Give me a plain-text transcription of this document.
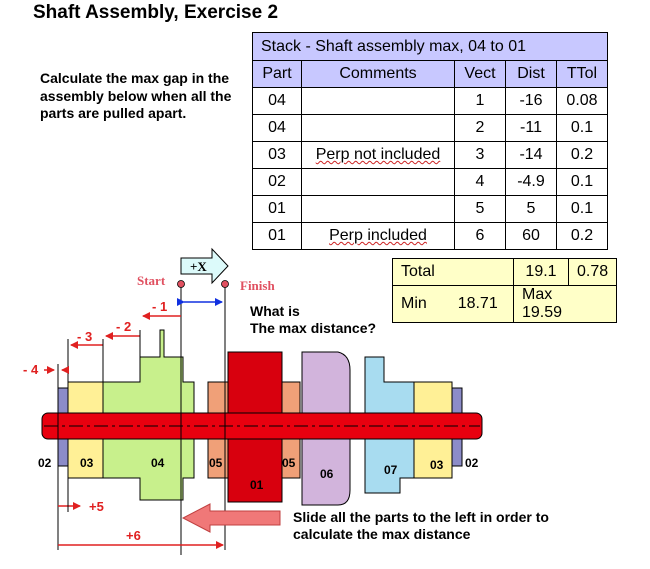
Shaft Assembly, Exercise 2
Calculate the max gap in the assembly below when all the parts are pulled apart.
Stack - Shaft assembly max, 04 to 01				
Part	Comments	Vect	Dist	TTol
04		1	-16	0.08
04		2	-11	0.1
03	Perp not included	3	-14	0.2
02		4	-4.9	0.1
01		5	5	0.1
01	Perp included	6	60	0.2
Total	19.1	0.78
Min 18.71	Max  19.59	
02 03	04	05
01
05
06	07	03 02
+X
Start	Finish
- 1
- 2
- 3
- 4
+5
+6
What is
The max distance?
Slide all the parts to the left in order to
calculate the max distance
